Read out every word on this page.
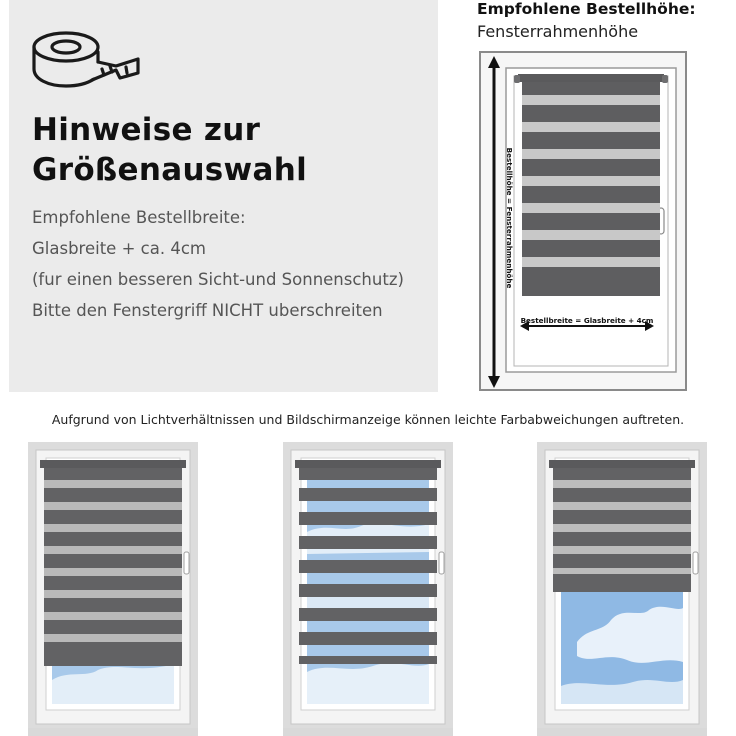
Hinweise zur
Größenauswahl
Empfohlene Bestellbreite:
Glasbreite + ca. 4cm
(fur einen besseren Sicht-und Sonnenschutz)
Bitte den Fenstergriff NICHT uberschreiten
Empfohlene Bestellhöhe:
Fensterrahmenhöhe
Bestellhöhe = Fensterrahmenhöhe
Bestellbreite = Glasbreite + 4cm
Aufgrund von Lichtverhältnissen und Bildschirmanzeige können leichte Farbabweichungen auftreten.
